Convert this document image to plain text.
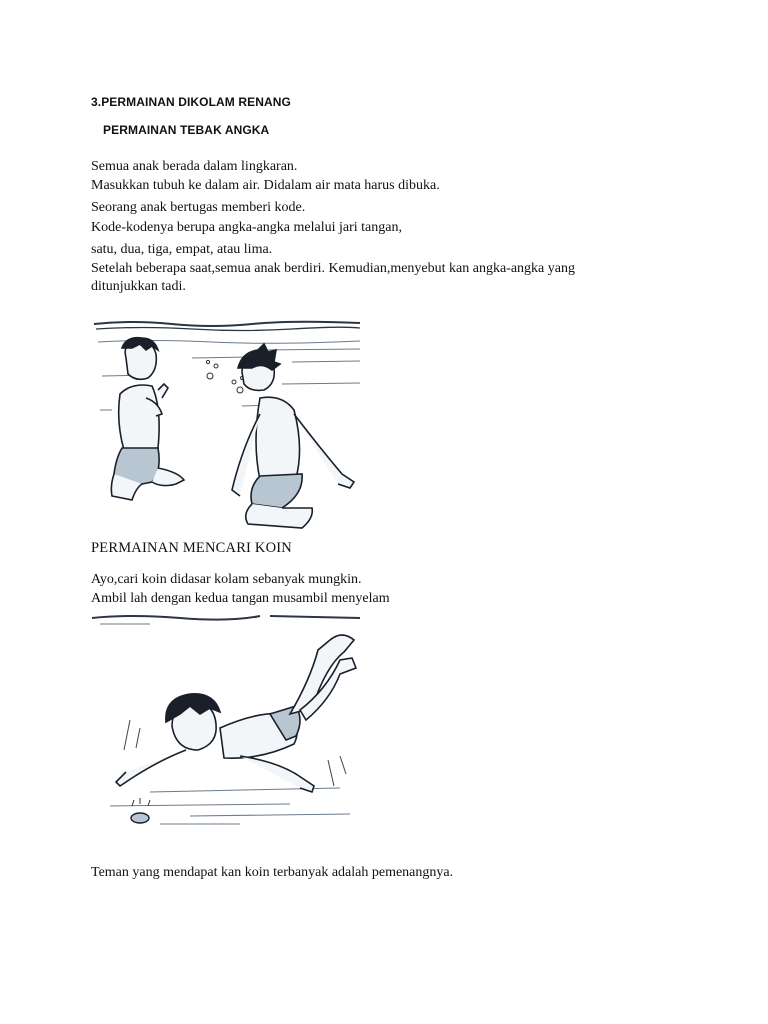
3.PERMAINAN DIKOLAM RENANG
PERMAINAN TEBAK ANGKA
Semua anak berada dalam lingkaran.
Masukkan tubuh ke dalam air. Didalam air mata harus dibuka.
Seorang anak bertugas memberi kode.
Kode-kodenya berupa angka-angka melalui jari tangan,
satu, dua, tiga, empat, atau lima.
Setelah beberapa saat,semua anak berdiri. Kemudian,menyebut kan angka-angka yang
ditunjukkan tadi.
PERMAINAN MENCARI KOIN
Ayo,cari koin didasar kolam sebanyak mungkin.
Ambil lah dengan kedua tangan musambil menyelam
Teman yang mendapat kan koin terbanyak adalah pemenangnya.
